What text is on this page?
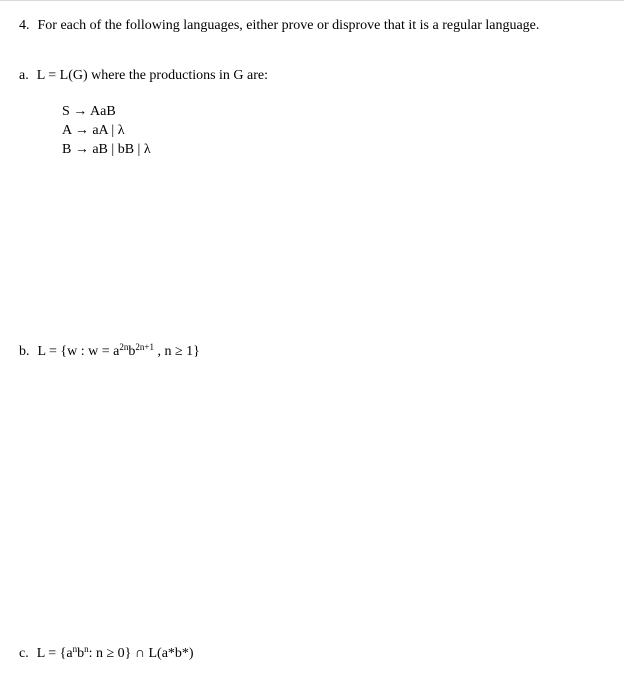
4. For each of the following languages, either prove or disprove that it is a regular language.
a. L = L(G) where the productions in G are:
S → AaB
A → aA | λ
B → aB | bB | λ
b. L = {w : $w = a^{2n}b^{2n+1}$ , n ≥ 1}
c. $L = \{a^nb^n$: n ≥ 0} ∩ L(a*b*)
